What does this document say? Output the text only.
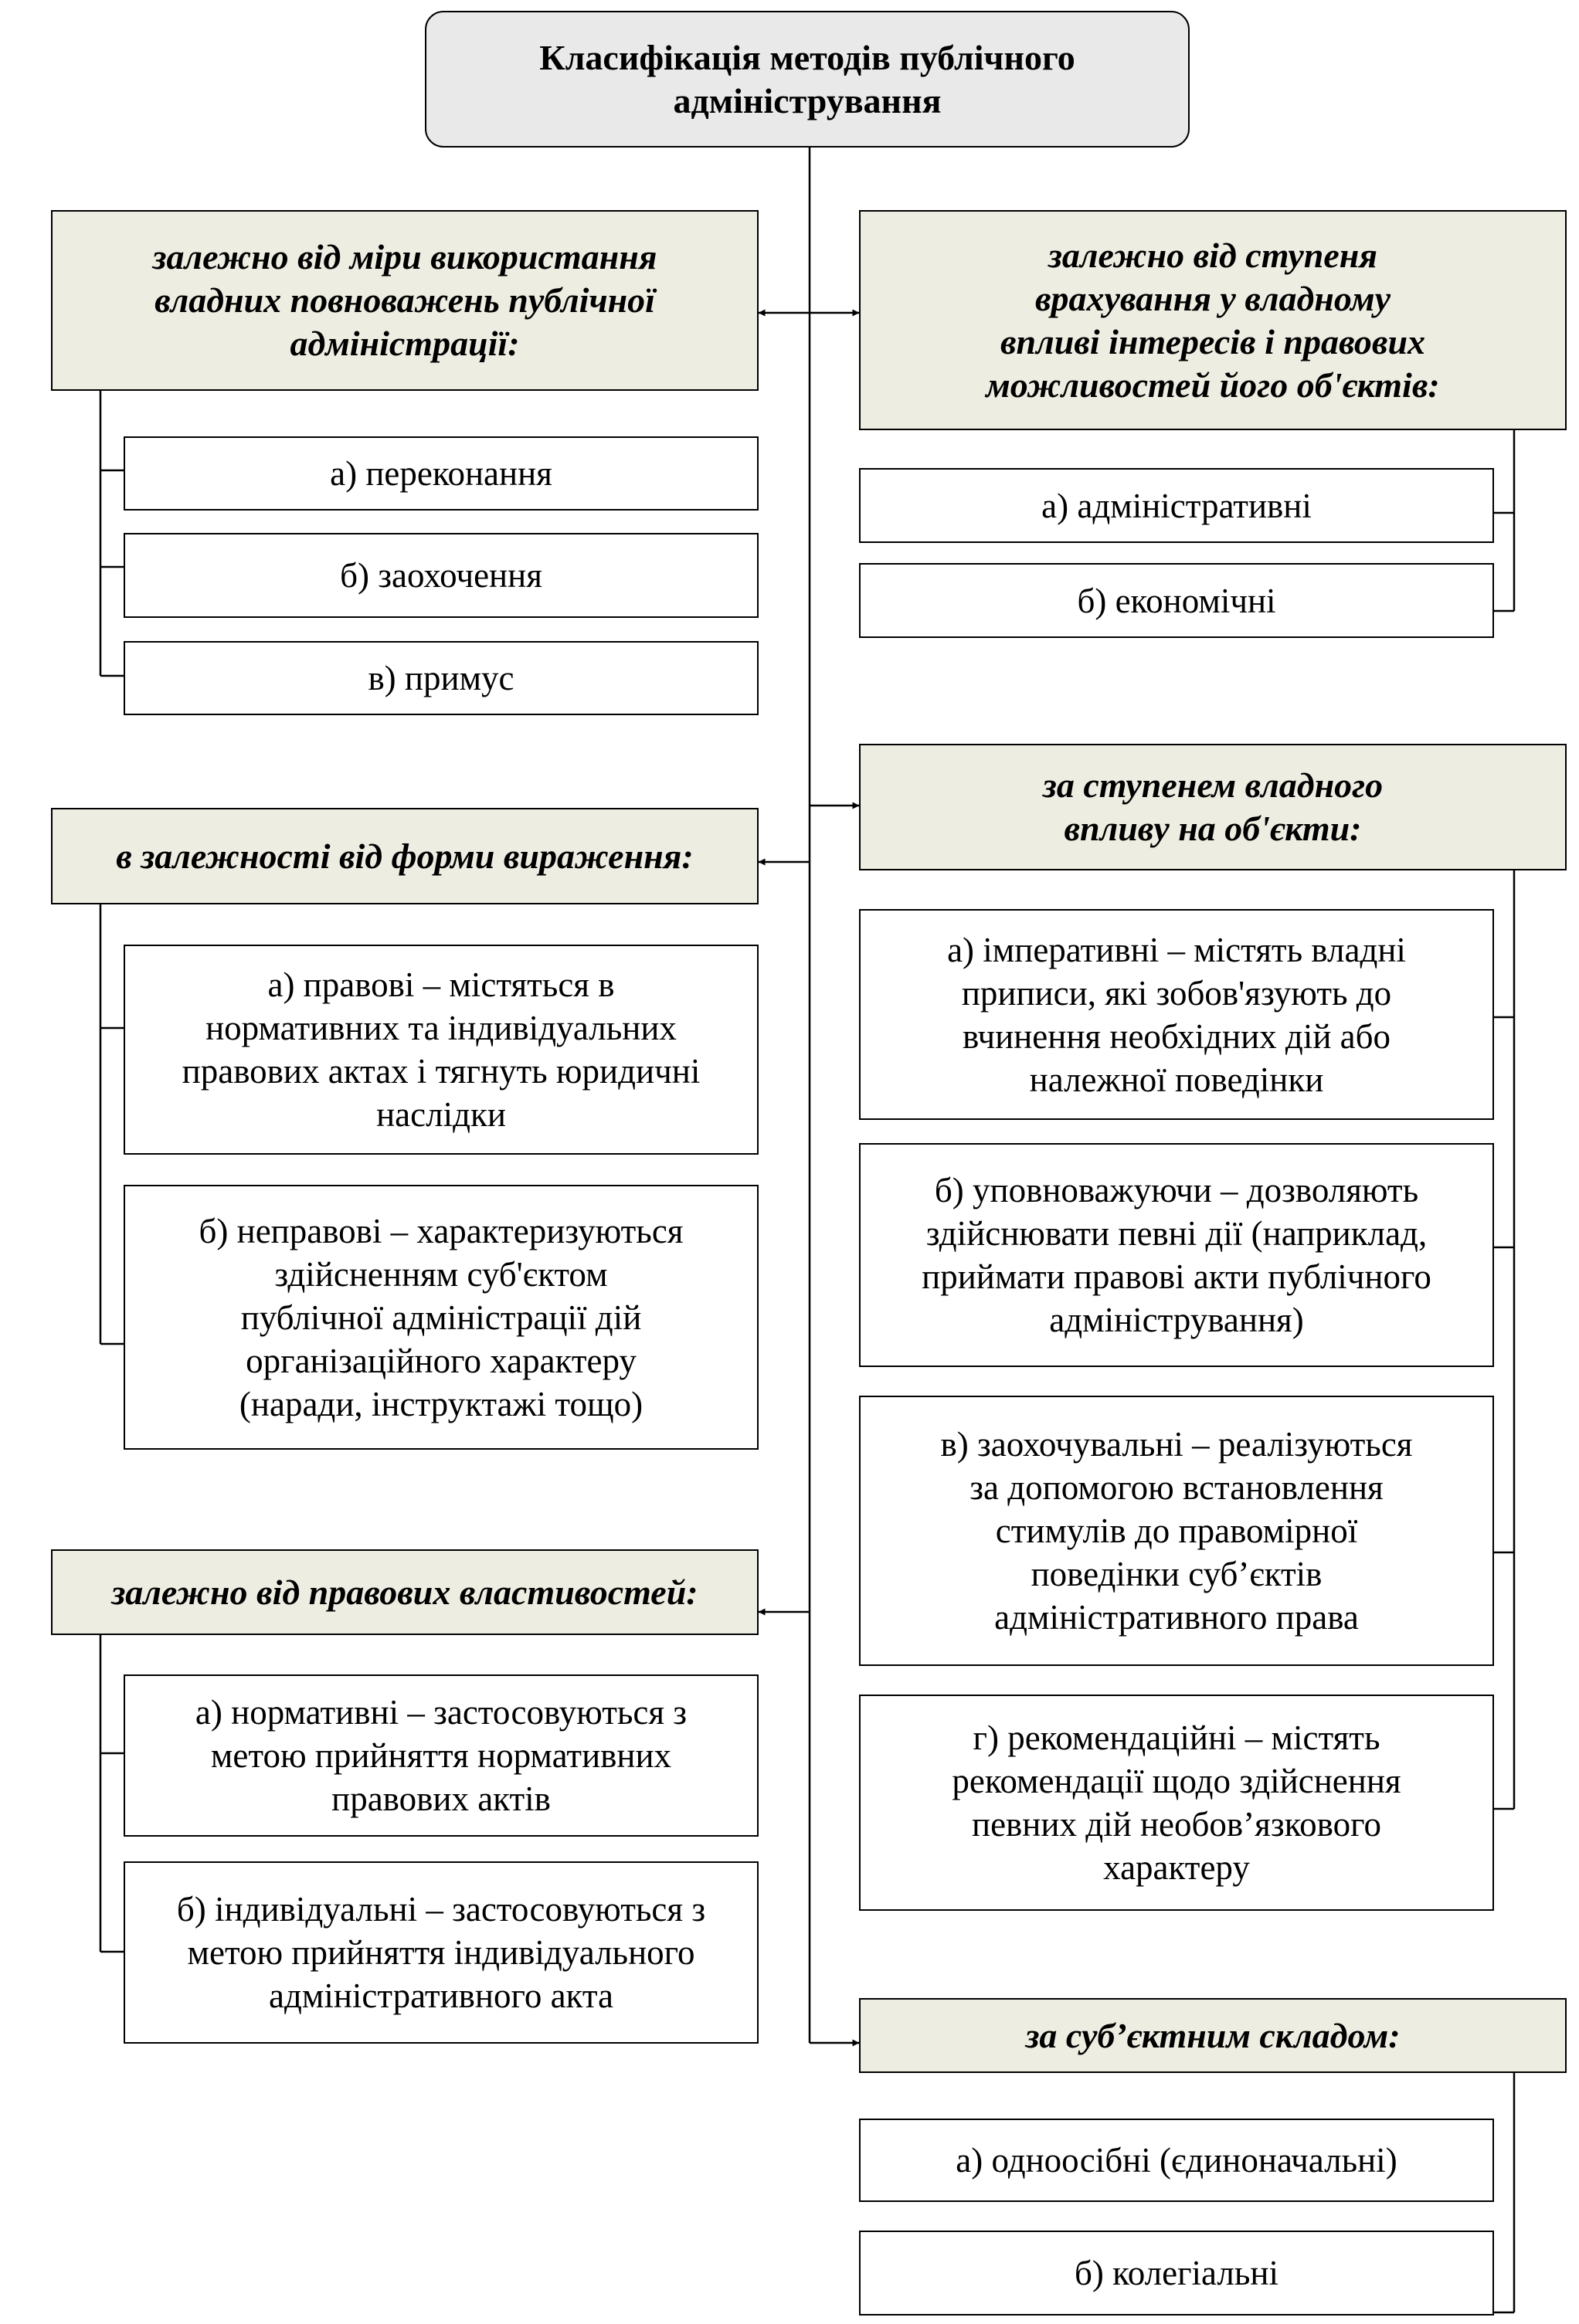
Класифікація методів публічного
адміністрування
залежно від міри використання
владних повноважень публічної
адміністрації:
а) переконання
б) заохочення
в) примус
залежно від ступеня
врахування у владному
впливі інтересів і правових
можливостей його об'єктів:
а) адміністративні
б) економічні
в залежності від форми вираження:
а) правові – містяться в
нормативних та індивідуальних
правових актах і тягнуть юридичні
наслідки
б) неправові – характеризуються
здійсненням суб'єктом
публічної адміністрації дій
організаційного характеру
(наради, інструктажі тощо)
за ступенем владного
впливу на об'єкти:
а) імперативні – містять владні
приписи, які зобов'язують до
вчинення необхідних дій або
належної поведінки
б) уповноважуючи – дозволяють
здійснювати певні дії (наприклад,
приймати правові акти публічного
адміністрування)
в) заохочувальні – реалізуються
за допомогою встановлення
стимулів до правомірної
поведінки суб’єктів
адміністративного права
г) рекомендаційні – містять
рекомендації щодо здійснення
певних дій необов’язкового
характеру
залежно від правових властивостей:
а) нормативні – застосовуються з
метою прийняття нормативних
правових актів
б) індивідуальні – застосовуються з
метою прийняття індивідуального
адміністративного акта
за суб’єктним складом:
а) одноосібні (єдиноначальні)
б) колегіальні
